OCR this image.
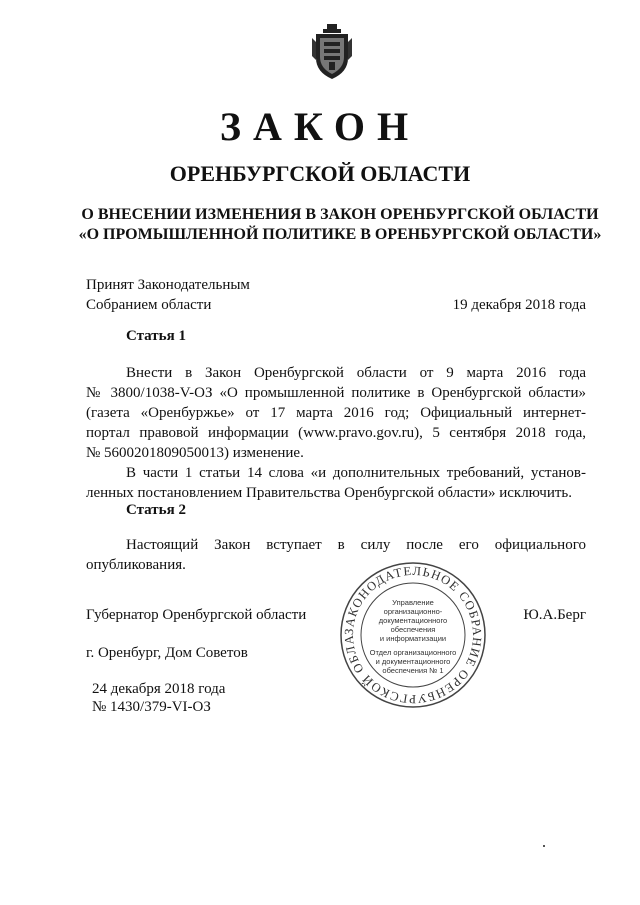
ЗАКОН
ОРЕНБУРГСКОЙ ОБЛАСТИ
О ВНЕСЕНИИ ИЗМЕНЕНИЯ В ЗАКОН ОРЕНБУРГСКОЙ ОБЛАСТИ
«О ПРОМЫШЛЕННОЙ ПОЛИТИКЕ В ОРЕНБУРГСКОЙ ОБЛАСТИ»
Принят Законодательным
Собранием области	19 декабря 2018 года
Статья 1
Внести в Закон Оренбургской области от 9 марта 2016 года
№ 3800/1038-V-ОЗ «О промышленной политике в Оренбургской области»
(газета «Оренбуржье» от 17 марта 2016 год; Официальный интернет-
портал правовой информации (www.pravo.gov.ru), 5 сентября 2018 года,
№ 5600201809050013) изменение.
В части 1 статьи 14 слова «и дополнительных требований, установ-
ленных постановлением Правительства Оренбургской области» исключить.
Статья 2
Настоящий Закон вступает в силу после его официального
опубликования.
Губернатор Оренбургской области	Ю.А.Берг
ЗАКОНОДАТЕЛЬНОЕ СОБРАНИЕ ОРЕНБУРГСКОЙ ОБЛА
Управление
организационно-
документационного
обеспечения
и информатизации
Отдел организационного
и документационного
обеспечения № 1
г. Оренбург, Дом Советов
24 декабря 2018 года
№ 1430/379-VI-ОЗ
